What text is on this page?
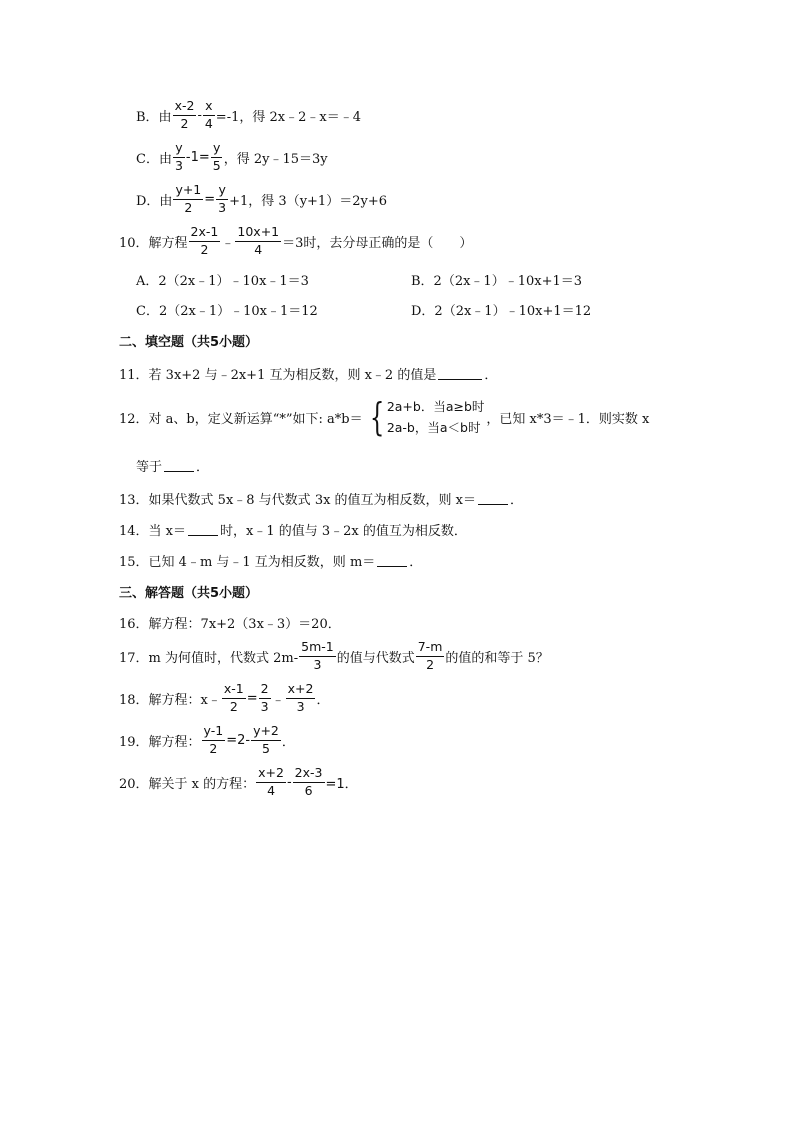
B．由 $\frac{x-2}{2} - \frac{x}{4} =-1$，得 2x﹣2﹣x＝﹣4
C．由 $\frac{y}{3} -1= \frac{y}{5}$ ，得 2y﹣15＝3y
D．由 $\frac{y+1}{2} = \frac{y}{3} +1$，得 3（y+1）＝2y+6
10．解方程 $\frac{2x-1}{2}$ ﹣ $\frac{10x+1}{4} =3$时，去分母正确的是（　　）
A．2（2x﹣1）﹣10x﹣1＝3	B．2（2x﹣1）﹣10x+1＝3
C．2（2x﹣1）﹣10x﹣1＝12	D．2（2x﹣1）﹣10x+1＝12
二、填空题（共5小题）
11．若 3x+2 与﹣2x+1 互为相反数，则 x﹣2 的值是	．
12．对 a、b，定义新运算“*”如下: a*b＝ { 2a+b．当a≥b时
2a-b，当a＜b时
，已知 x*3＝﹣1．则实数 x
等于	．
13．如果代数式 5x﹣8 与代数式 3x 的值互为相反数，则 x＝	．
14．当 x＝	时，x﹣1 的值与 3﹣2x 的值互为相反数．
15．已知 4﹣m 与﹣1 互为相反数，则 m＝	．
三、解答题（共5小题）
16．解方程：7x+2（3x﹣3）＝20．
17．m 为何值时，代数式 $2m- \frac{5m-1}{3}$ 的值与代数式 $\frac{7-m}{2}$ 的值的和等于 5？
18．解方程：x﹣ $\frac{x-1}{2} = \frac{2}{3}$ ﹣ $\frac{x+2}{3}$ ．
19．解方程： $\frac{y-1}{2} =2- \frac{y+2}{5}$ ．
20．解关于 x 的方程： $\frac{x+2}{4} - \frac{2x-3}{6} =1$．
